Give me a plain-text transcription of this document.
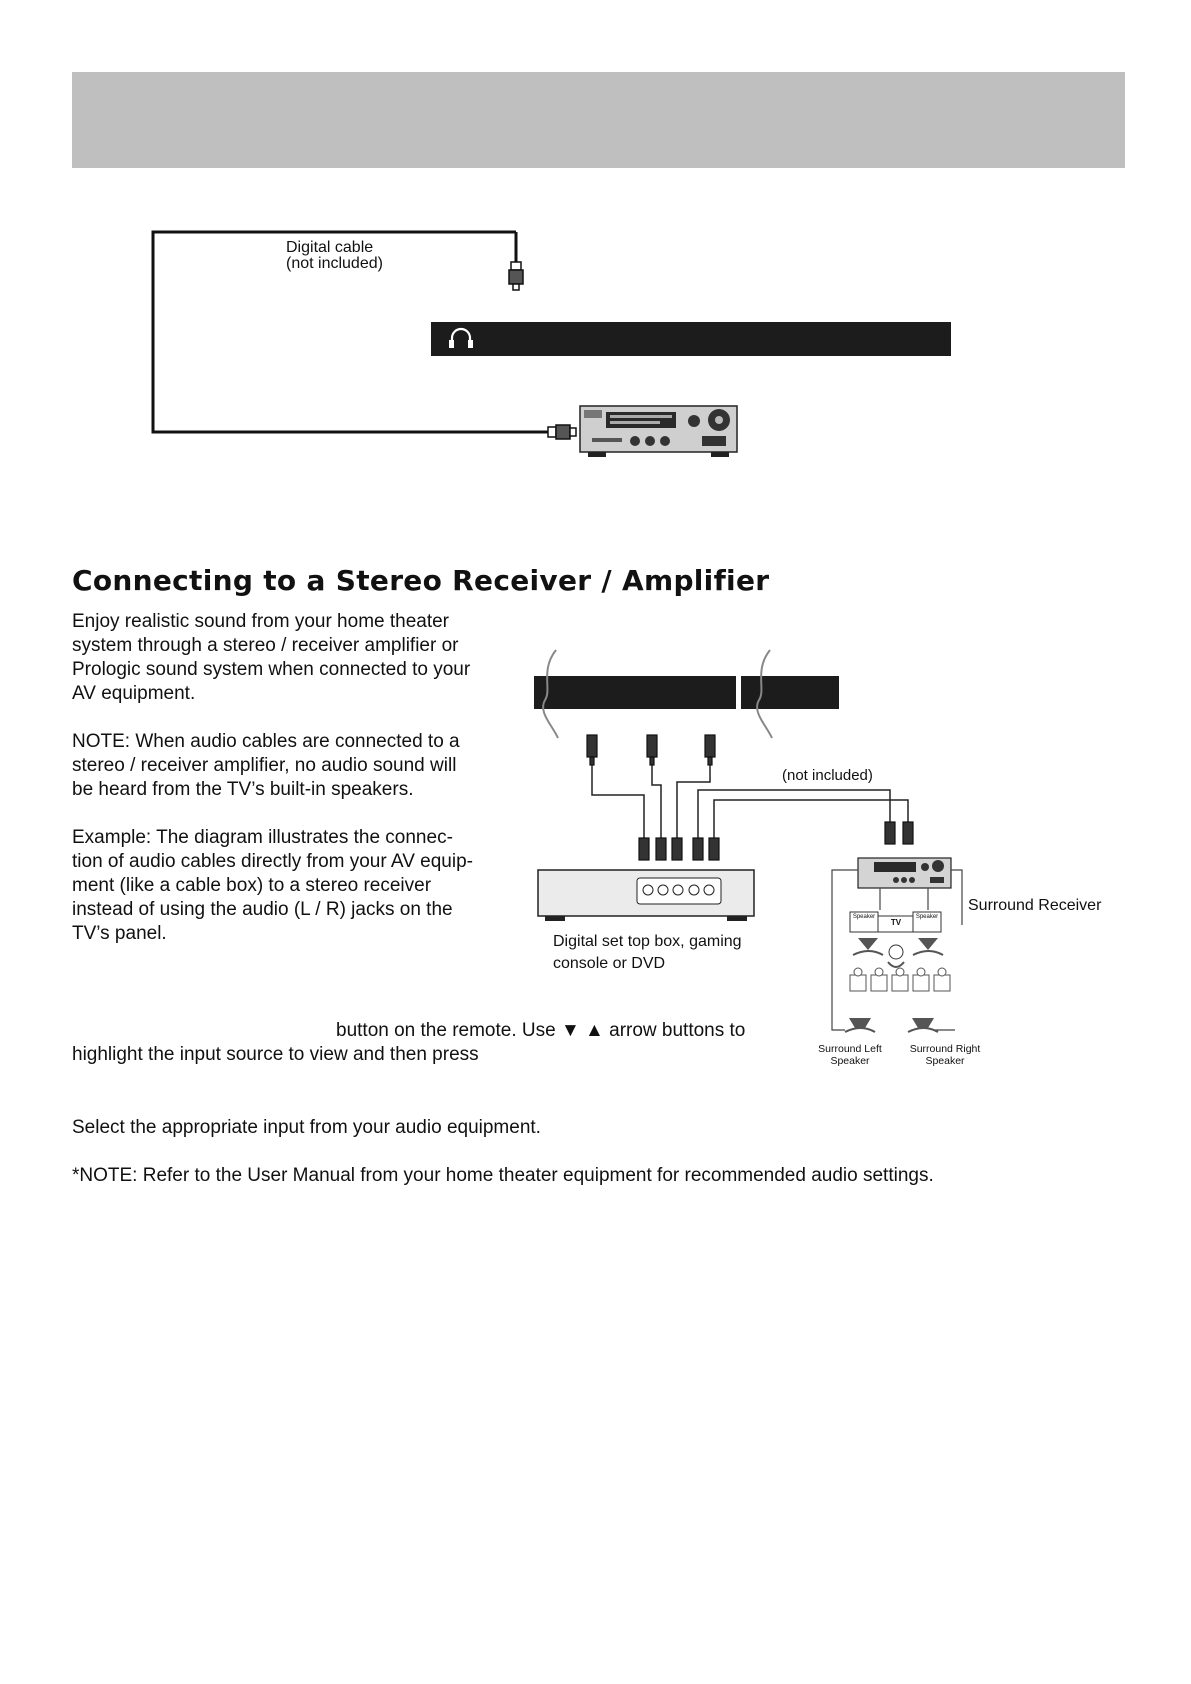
Digital cable
(not included)
Connecting to a Stereo Receiver / Amplifier
Enjoy realistic sound from your home theater
system through a stereo / receiver amplifier or
Prologic sound system when connected to your
AV equipment.
NOTE: When audio cables are connected to a
stereo / receiver amplifier, no audio sound will
be heard from the TV’s built-in speakers.
Example: The diagram illustrates the connec-
tion of audio cables directly from your AV equip-
ment (like a cable box) to a stereo receiver
instead of using the audio (L / R) jacks on the
TV’s panel.
(not included)
Digital set top box, gaming
console or DVD
Surround Receiver
TV
Speaker	Speaker
Surround Left
Speaker
Surround Right
Speaker
button on the remote. Use ▼ ▲ arrow buttons to
highlight the input source to view and then press
Select the appropriate input from your audio equipment.
*NOTE: Refer to the User Manual from your home theater equipment for recommended audio settings.
